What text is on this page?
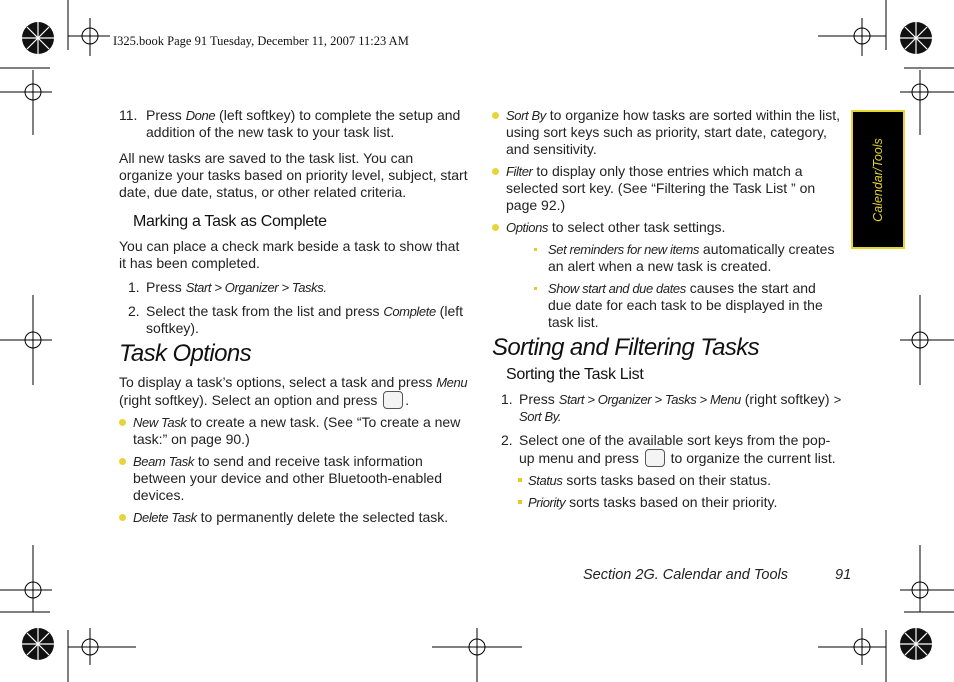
I325.book Page 91 Tuesday, December 11, 2007 11:23 AM
Calendar/Tools

11. Press Done (left softkey) to complete the setup and addition of the new task to your task list.

All new tasks are saved to the task list. You can organize your tasks based on priority level, subject, start date, due date, status, or other related criteria.

Marking a Task as Complete

You can place a check mark beside a task to show that it has been completed.

1. Press Start > Organizer > Tasks.

2. Select the task from the list and press Complete (left softkey).

Task Options

To display a task’s options, select a task and press Menu (right softkey). Select an option and press .

New Task to create a new task. (See “To create a new task:” on page 90.)

Beam Task to send and receive task information between your device and other Bluetooth-enabled devices.

Delete Task to permanently delete the selected task.

Sort By to organize how tasks are sorted within the list, using sort keys such as priority, start date, category, and sensitivity.

Filter to display only those entries which match a selected sort key. (See “Filtering the Task List ” on page 92.)

Options to select other task settings.

Set reminders for new items automatically creates an alert when a new task is created.

Show start and due dates causes the start and due date for each task to be displayed in the task list.

Sorting and Filtering Tasks
Sorting the Task List

1. Press Start > Organizer > Tasks > Menu (right softkey) > Sort By.

2. Select one of the available sort keys from the pop-up menu and press  to organize the current list.

Status sorts tasks based on their status.

Priority sorts tasks based on their priority.

Section 2G. Calendar and Tools	91
